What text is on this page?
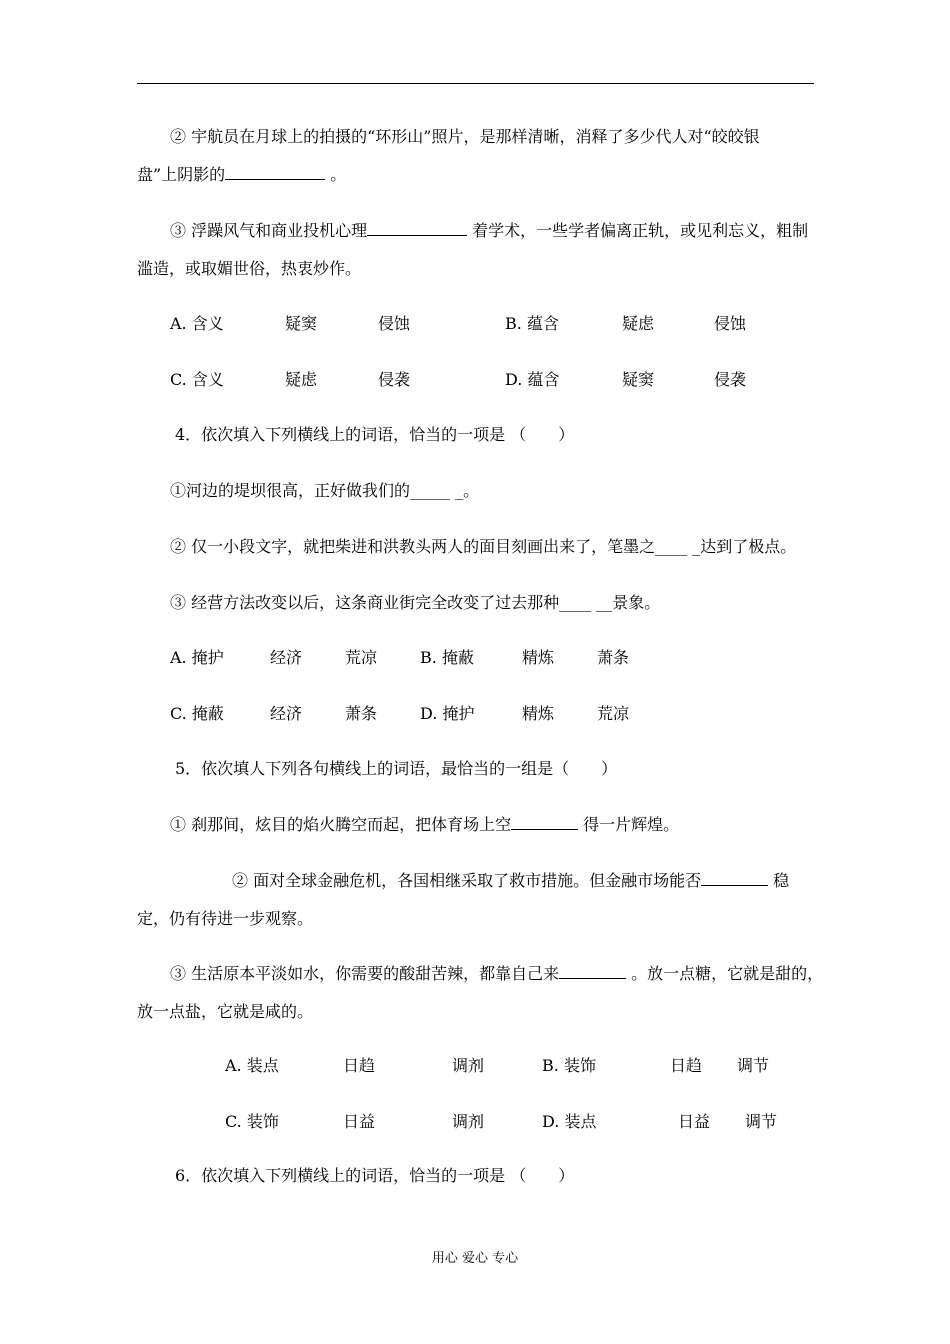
② 宇航员在月球上的拍摄的“环形山”照片，是那样清晰，消释了多少代人对“皎皎银
盘”上阴影的	。
③ 浮躁风气和商业投机心理	着学术，一些学者偏离正轨，或见利忘义，粗制
滥造，或取媚世俗，热衷炒作。
A. 含义	疑窦	侵蚀	B. 蕴含	疑虑	侵蚀
C. 含义	疑虑	侵袭	D. 蕴含	疑窦	侵袭
4．依次填入下列横线上的词语，恰当的一项是 （　　）
①河边的堤坝很高，正好做我们的_____ _。
② 仅一小段文字，就把柴进和洪教头两人的面目刻画出来了，笔墨之____ _达到了极点。
③ 经营方法改变以后，这条商业街完全改变了过去那种____ __景象。
A. 掩护	经济	荒凉	B. 掩蔽	精炼	萧条
C. 掩蔽	经济	萧条	D. 掩护	精炼	荒凉
5．依次填人下列各句横线上的词语，最恰当的一组是（　　）
① 刹那间，炫目的焰火腾空而起，把体育场上空	得一片辉煌。
② 面对全球金融危机，各国相继采取了救市措施。但金融市场能否	稳
定，仍有待进一步观察。
③ 生活原本平淡如水，你需要的酸甜苦辣，都靠自己来	。放一点糖，它就是甜的，
放一点盐，它就是咸的。
A. 装点	日趋	调剂	B. 装饰	日趋 调节
C. 装饰	日益	调剂	D. 装点	日益 调节
6．依次填入下列横线上的词语，恰当的一项是 （　　）
用心 爱心 专心
